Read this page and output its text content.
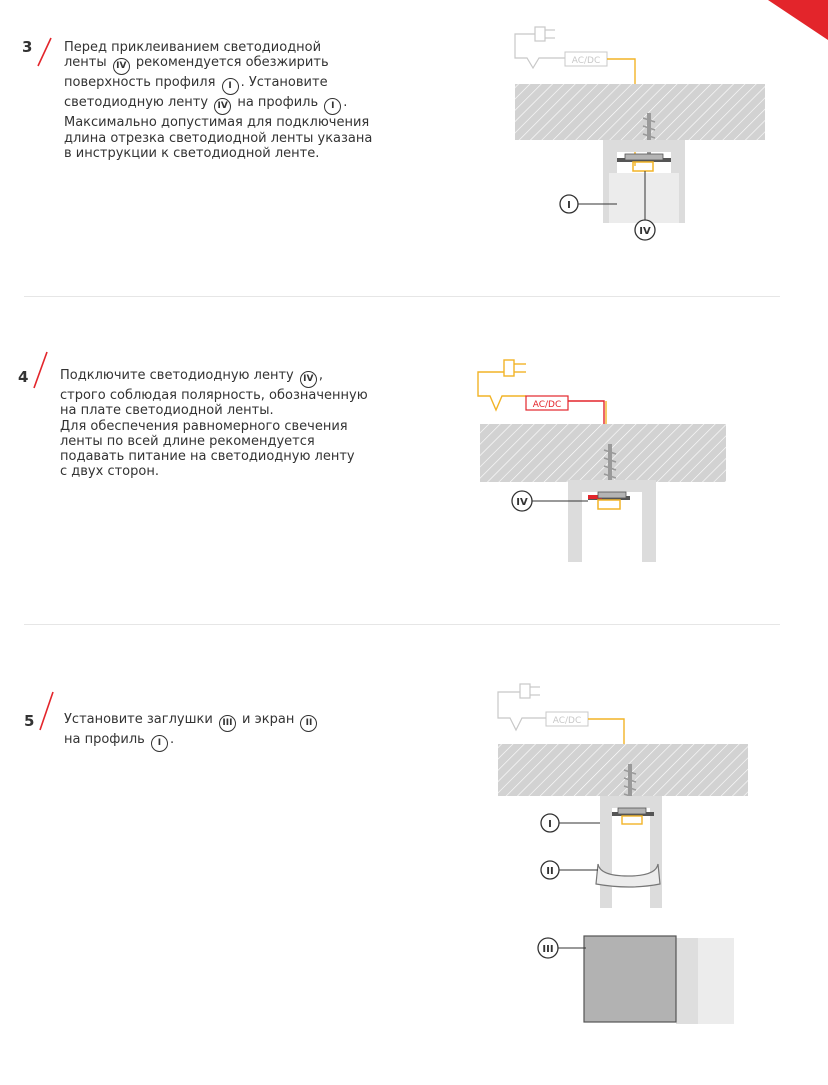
3 Перед приклеиванием светодиодной

ленты IV рекомендуется обезжирить

поверхность профиля I . Установите

светодиодную ленту IV на профиль I .

Максимально допустимая для подключения

длина отрезка светодиодной ленты указана

в инструкции к светодиодной ленте.

AC/DC
I
IV
4 Подключите светодиодную ленту IV ,

строго соблюдая полярность, обозначенную

на плате светодиодной ленты.

Для обеспечения равномерного свечения

ленты по всей длине рекомендуется

подавать питание на светодиодную ленту

с двух сторон.

AC/DC
IV
5 Установите заглушки III и экран II

на профиль I .

AC/DC
I
II
III
